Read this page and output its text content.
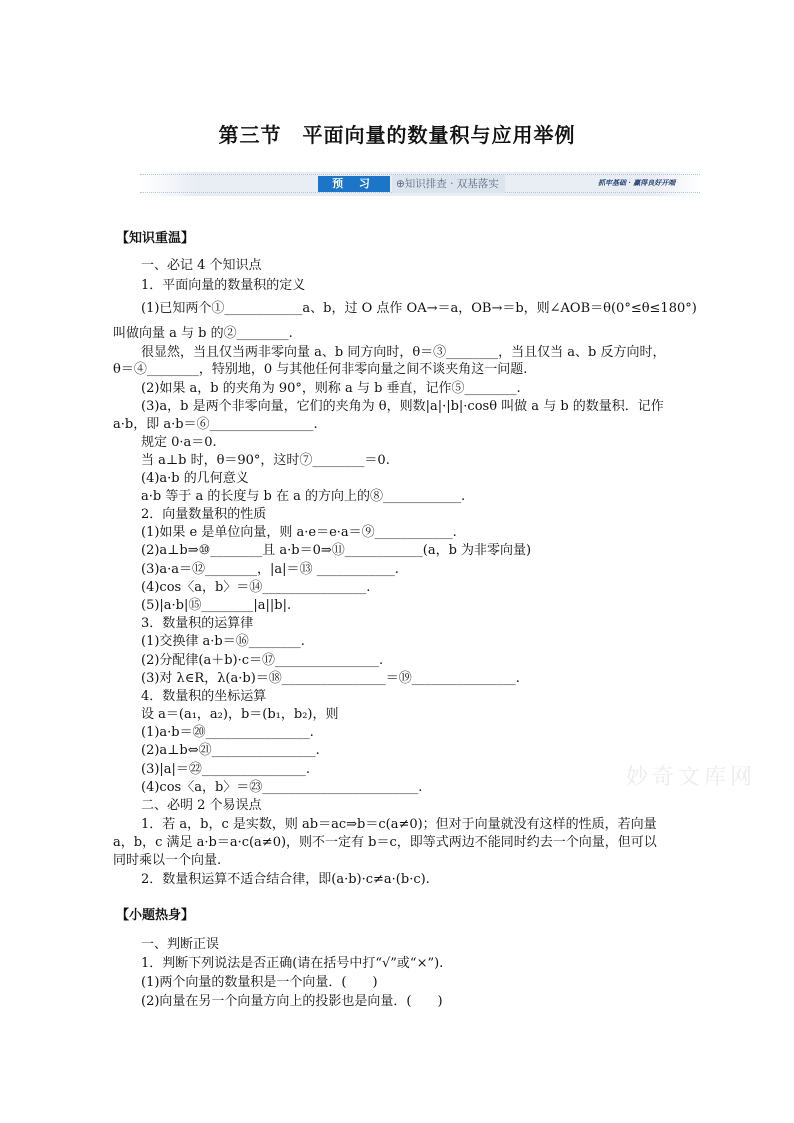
第三节　平面向量的数量积与应用举例
预 习	⊕知识排查 · 双基落实	抓牢基础 · 赢得良好开端
妙奇文库网
【知识重温】
一、必记 4 个知识点
1．平面向量的数量积的定义
(1)已知两个①____________a、b，过 O 点作 OA→＝a，OB→＝b，则∠AOB＝θ(0°≤θ≤180°)
叫做向量 a 与 b 的②________.
很显然，当且仅当两非零向量 a、b 同方向时，θ＝③________，当且仅当 a、b 反方向时，
θ＝④________，特别地，0 与其他任何非零向量之间不谈夹角这一问题.
(2)如果 a，b 的夹角为 90°，则称 a 与 b 垂直，记作⑤________.
(3)a，b 是两个非零向量，它们的夹角为 θ，则数|a|·|b|·cosθ 叫做 a 与 b 的数量积．记作
a·b，即 a·b＝⑥________________.
规定 0·a＝0.
当 a⊥b 时，θ＝90°，这时⑦________＝0.
(4)a·b 的几何意义
a·b 等于 a 的长度与 b 在 a 的方向上的⑧____________.
2．向量数量积的性质
(1)如果 e 是单位向量，则 a·e＝e·a＝⑨____________.
(2)a⊥b⇒⑩________且 a·b＝0⇒⑪____________(a，b 为非零向量)
(3)a·a＝⑫________，|a|＝⑬ ____________.
(4)cos〈a，b〉＝⑭________________.
(5)|a·b|⑮________|a||b|.
3．数量积的运算律
(1)交换律 a·b＝⑯________.
(2)分配律(a＋b)·c＝⑰________________.
(3)对 λ∈R，λ(a·b)＝⑱________________＝⑲________________.
4．数量积的坐标运算
设 a＝(a₁，a₂)，b＝(b₁，b₂)，则
(1)a·b＝⑳________________.
(2)a⊥b⇔㉑________________.
(3)|a|＝㉒________________.
(4)cos〈a，b〉＝㉓________________________.
二、必明 2 个易误点
1．若 a，b，c 是实数，则 ab＝ac⇒b＝c(a≠0)；但对于向量就没有这样的性质，若向量
a，b，c 满足 a·b＝a·c(a≠0)，则不一定有 b＝c，即等式两边不能同时约去一个向量，但可以
同时乘以一个向量.
2．数量积运算不适合结合律，即(a·b)·c≠a·(b·c).
【小题热身】
一、判断正误
1．判断下列说法是否正确(请在括号中打“√”或“×”).
(1)两个向量的数量积是一个向量．(　　)
(2)向量在另一个向量方向上的投影也是向量．(　　)
